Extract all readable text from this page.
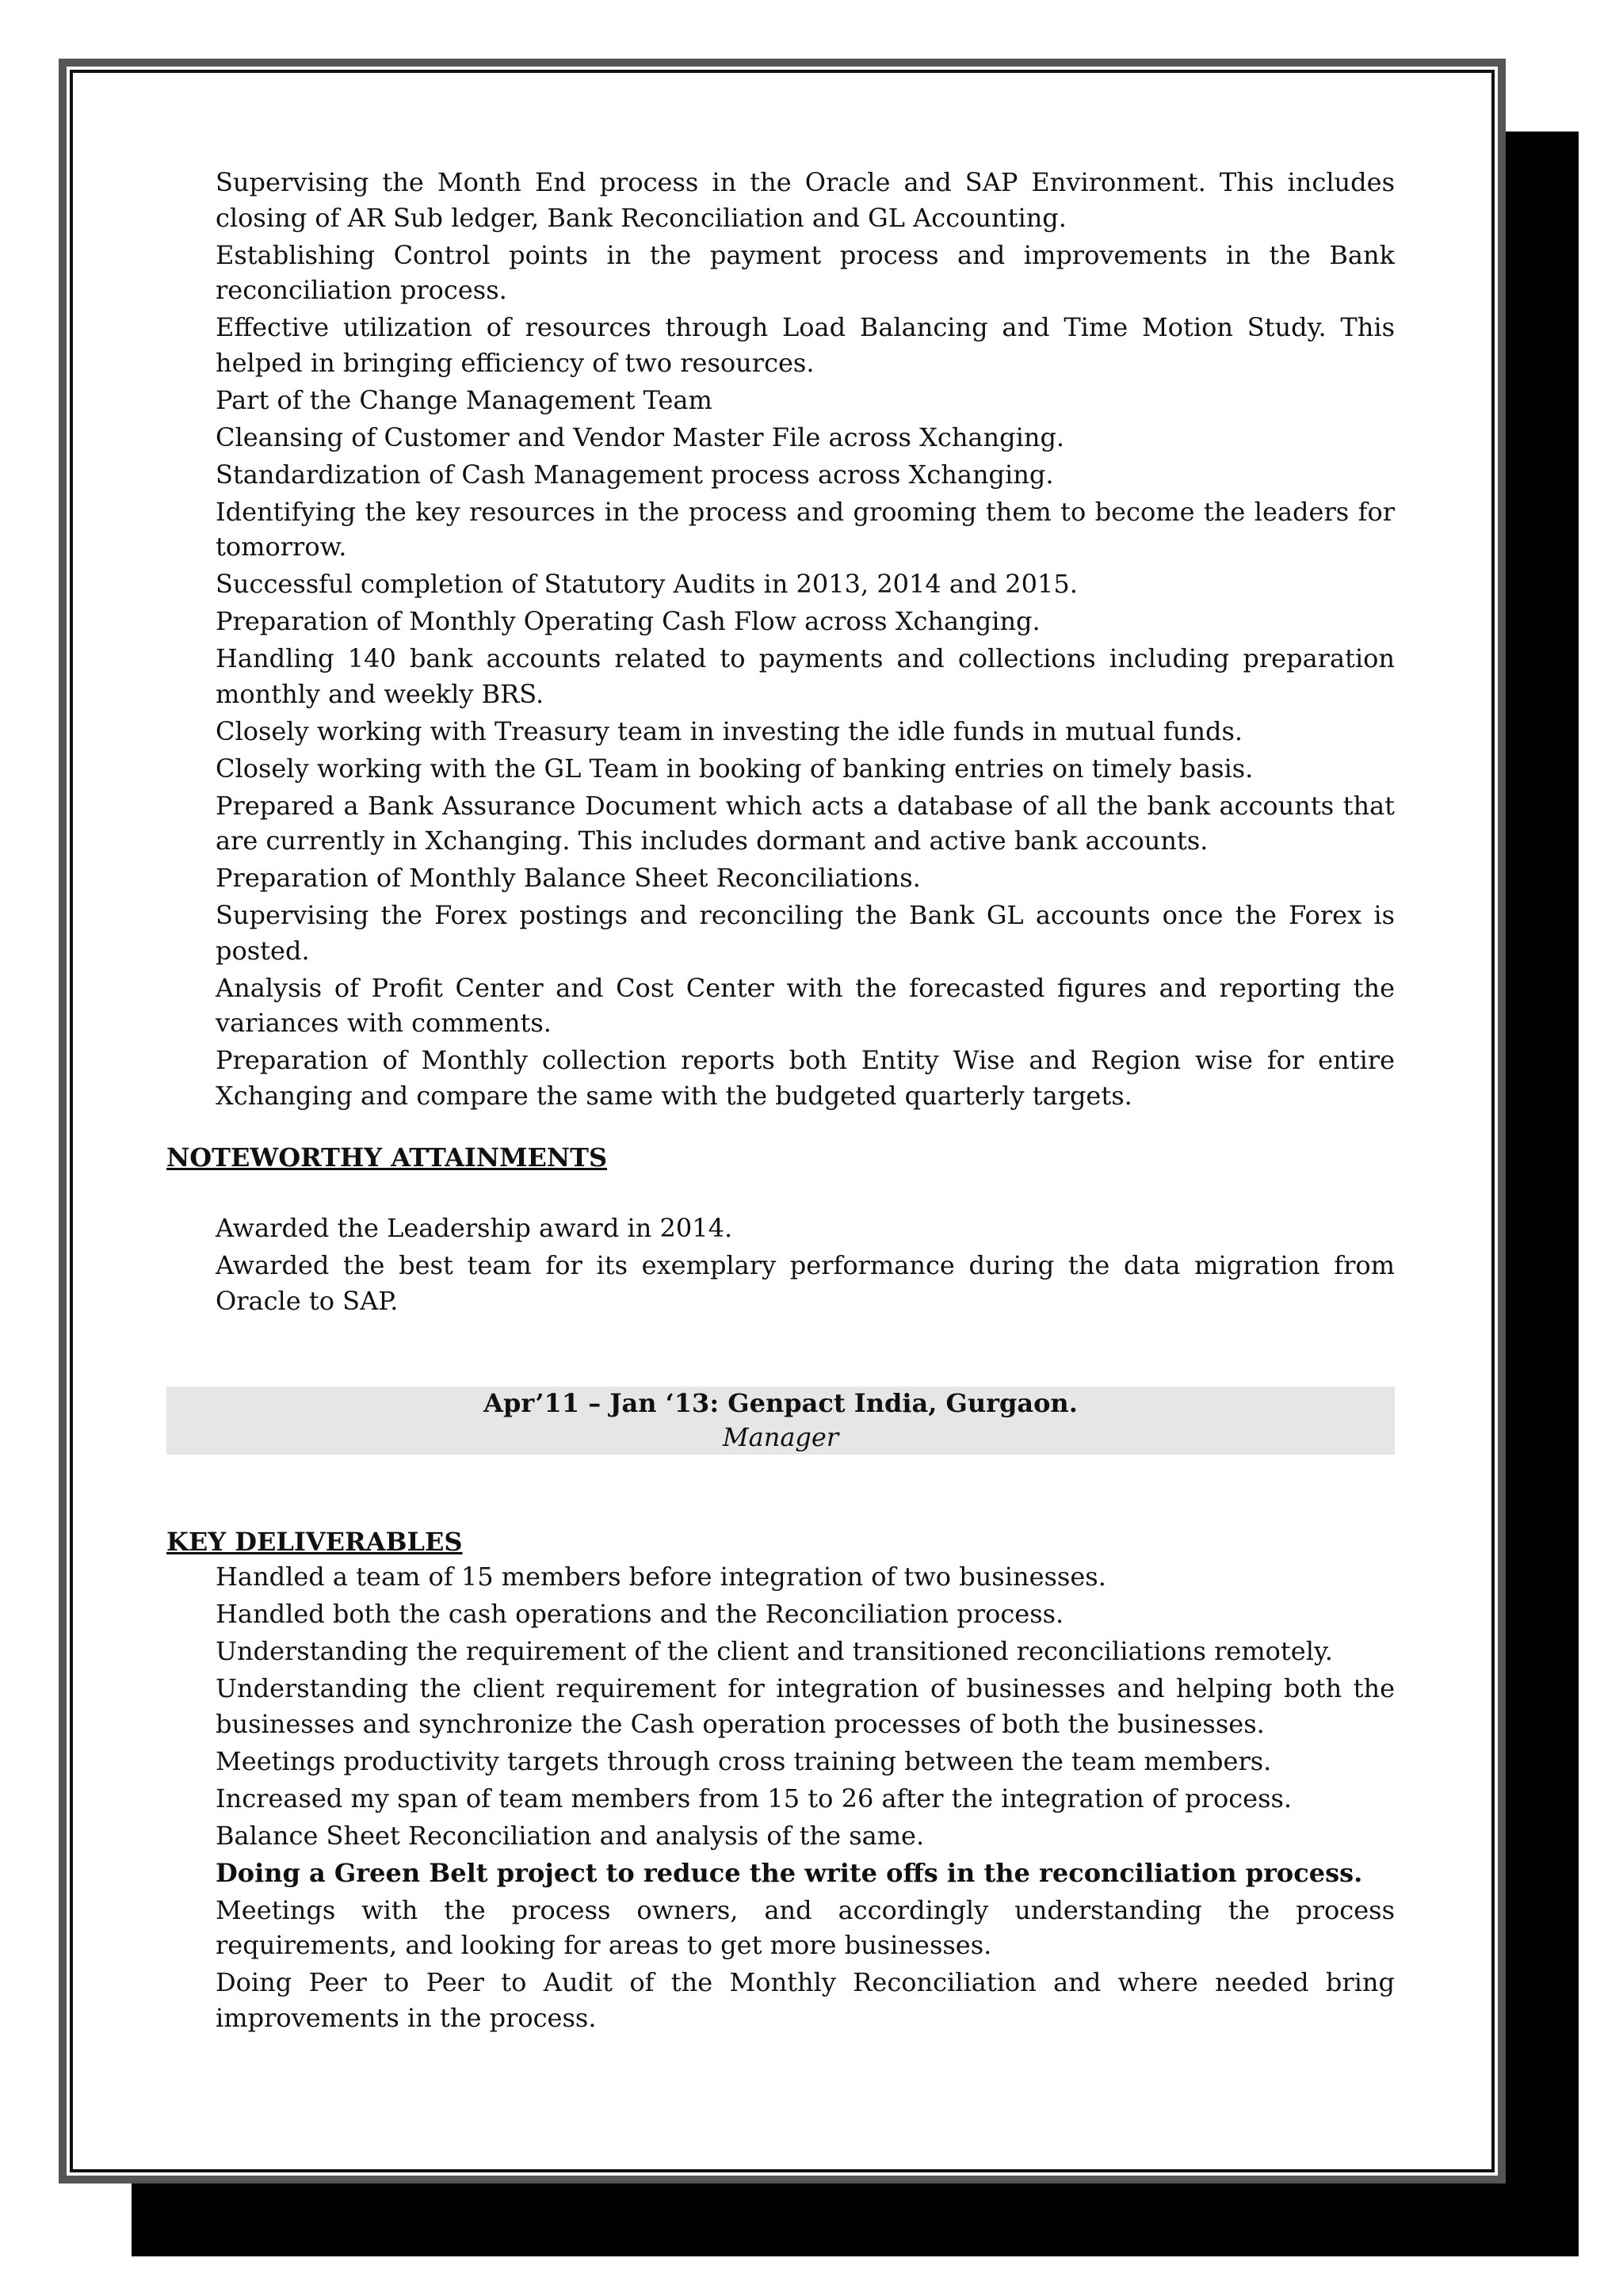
Supervising the Month End process in the Oracle and SAP Environment. This includes closing of AR Sub ledger, Bank Reconciliation and GL Accounting.
Establishing Control points in the payment process and improvements in the Bank reconciliation process.
Effective utilization of resources through Load Balancing and Time Motion Study. This helped in bringing efficiency of two resources.
Part of the Change Management Team
Cleansing of Customer and Vendor Master File across Xchanging.
Standardization of Cash Management process across Xchanging.
Identifying the key resources in the process and grooming them to become the leaders for tomorrow.
Successful completion of Statutory Audits in 2013, 2014 and 2015.
Preparation of Monthly Operating Cash Flow across Xchanging.
Handling 140 bank accounts related to payments and collections including preparation monthly and weekly BRS.
Closely working with Treasury team in investing the idle funds in mutual funds.
Closely working with the GL Team in booking of banking entries on timely basis.
Prepared a Bank Assurance Document which acts a database of all the bank accounts that are currently in Xchanging. This includes dormant and active bank accounts.
Preparation of Monthly Balance Sheet Reconciliations.
Supervising the Forex postings and reconciling the Bank GL accounts once the Forex is posted.
Analysis of Profit Center and Cost Center with the forecasted figures and reporting the variances with comments.
Preparation of Monthly collection reports both Entity Wise and Region wise for entire Xchanging and compare the same with the budgeted quarterly targets.
NOTEWORTHY ATTAINMENTS
Awarded the Leadership award in 2014.
Awarded the best team for its exemplary performance during the data migration from Oracle to SAP.
Apr’11 – Jan ‘13: Genpact India, Gurgaon.
Manager
KEY DELIVERABLES
Handled a team of 15 members before integration of two businesses.
Handled both the cash operations and the Reconciliation process.
Understanding the requirement of the client and transitioned reconciliations remotely.
Understanding the client requirement for integration of businesses and helping both the businesses and synchronize the Cash operation processes of both the businesses.
Meetings productivity targets through cross training between the team members.
Increased my span of team members from 15 to 26 after the integration of process.
Balance Sheet Reconciliation and analysis of the same.
Doing a Green Belt project to reduce the write offs in the reconciliation process.
Meetings with the process owners, and accordingly understanding the process requirements, and looking for areas to get more businesses.
Doing Peer to Peer to Audit of the Monthly Reconciliation and where needed bring improvements in the process.
